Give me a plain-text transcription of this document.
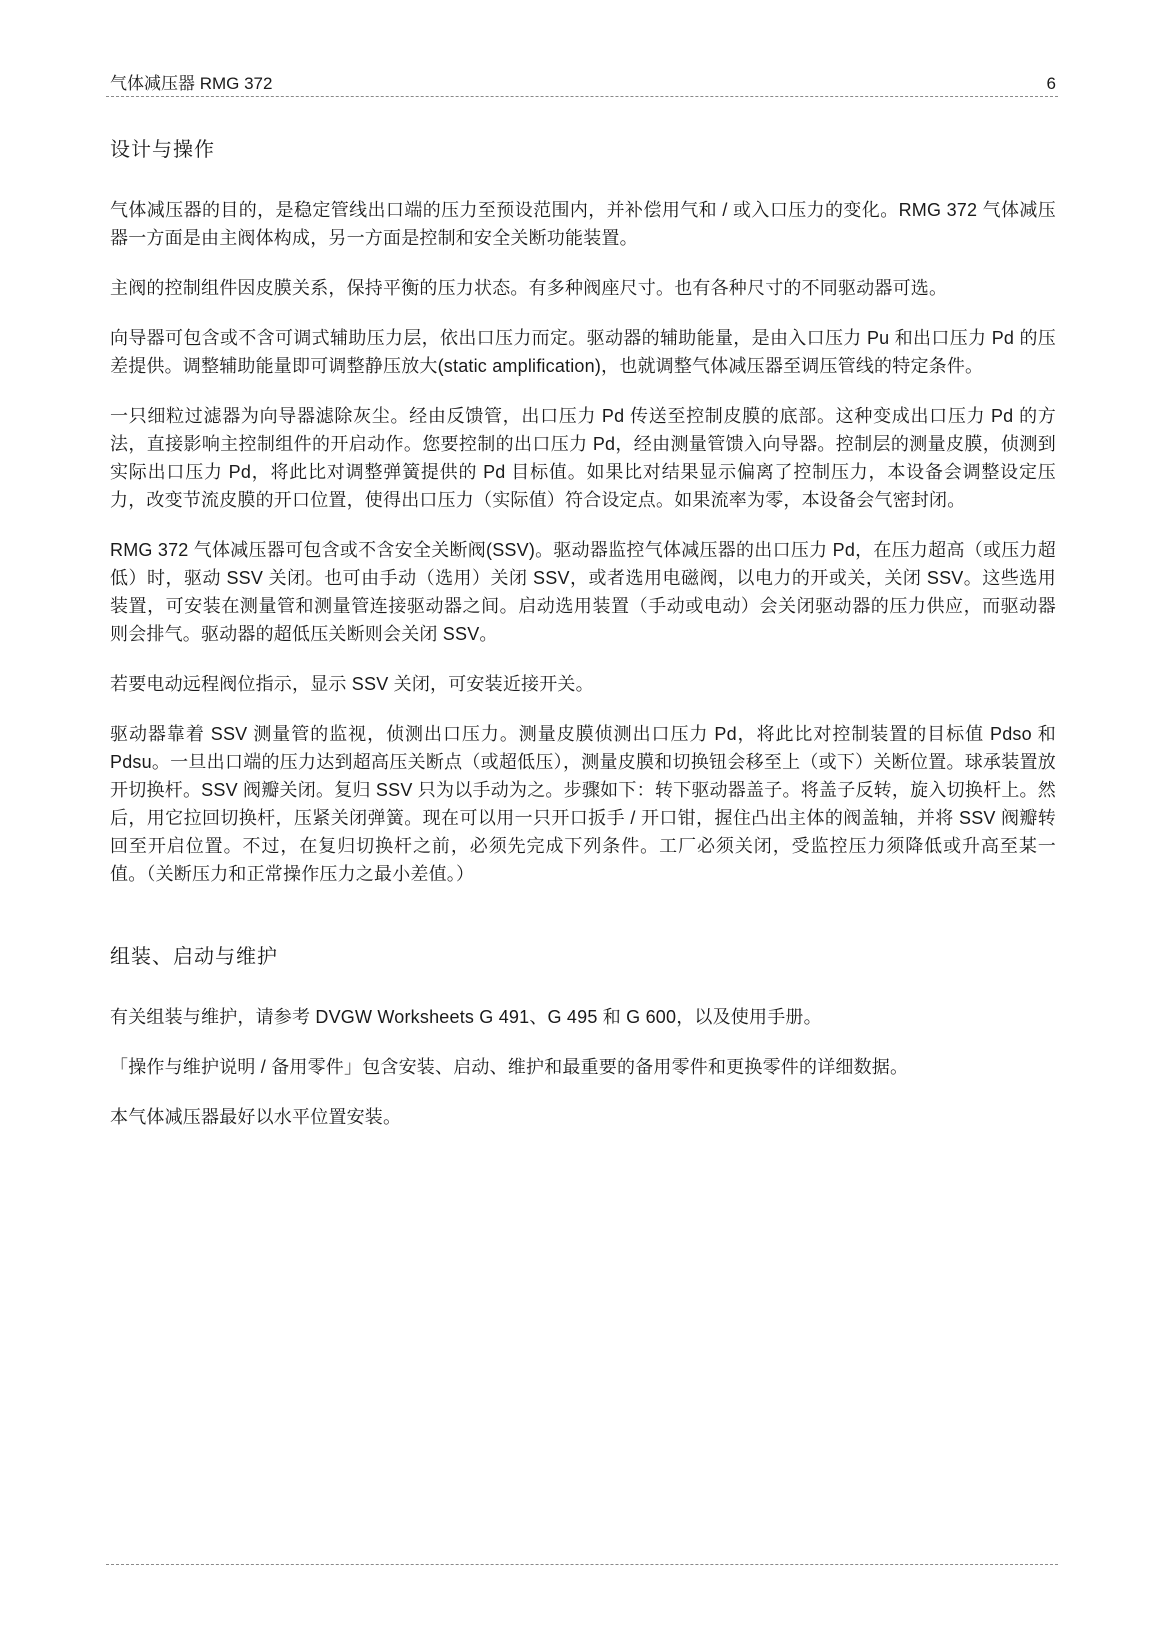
气体减压器 RMG 372	6
设计与操作

气体减压器的目的，是稳定管线出口端的压力至预设范围内，并补偿用气和 / 或入口压力的变化。RMG 372 气体减压器一方面是由主阀体构成，另一方面是控制和安全关断功能装置。

主阀的控制组件因皮膜关系，保持平衡的压力状态。有多种阀座尺寸。也有各种尺寸的不同驱动器可选。

向导器可包含或不含可调式辅助压力层，依出口压力而定。驱动器的辅助能量，是由入口压力 Pu 和出口压力 Pd 的压差提供。调整辅助能量即可调整静压放大(static amplification)，也就调整气体减压器至调压管线的特定条件。

一只细粒过滤器为向导器滤除灰尘。经由反馈管，出口压力 Pd 传送至控制皮膜的底部。这种变成出口压力 Pd 的方法，直接影响主控制组件的开启动作。您要控制的出口压力 Pd，经由测量管馈入向导器。控制层的测量皮膜，侦测到实际出口压力 Pd，将此比对调整弹簧提供的 Pd 目标值。如果比对结果显示偏离了控制压力，本设备会调整设定压力，改变节流皮膜的开口位置，使得出口压力（实际值）符合设定点。如果流率为零，本设备会气密封闭。

RMG 372 气体减压器可包含或不含安全关断阀(SSV)。驱动器监控气体减压器的出口压力 Pd，在压力超高（或压力超低）时，驱动 SSV 关闭。也可由手动（选用）关闭 SSV，或者选用电磁阀，以电力的开或关，关闭 SSV。这些选用装置，可安装在测量管和测量管连接驱动器之间。启动选用装置（手动或电动）会关闭驱动器的压力供应，而驱动器则会排气。驱动器的超低压关断则会关闭 SSV。

若要电动远程阀位指示，显示 SSV 关闭，可安装近接开关。

驱动器靠着 SSV 测量管的监视，侦测出口压力。测量皮膜侦测出口压力 Pd，将此比对控制装置的目标值 Pdso 和 Pdsu。一旦出口端的压力达到超高压关断点（或超低压），测量皮膜和切换钮会移至上（或下）关断位置。球承装置放开切换杆。SSV 阀瓣关闭。复归 SSV 只为以手动为之。步骤如下：转下驱动器盖子。将盖子反转，旋入切换杆上。然后，用它拉回切换杆，压紧关闭弹簧。现在可以用一只开口扳手 / 开口钳，握住凸出主体的阀盖轴，并将 SSV 阀瓣转回至开启位置。不过，在复归切换杆之前，必须先完成下列条件。工厂必须关闭，受监控压力须降低或升高至某一值。（关断压力和正常操作压力之最小差值。）

组装、启动与维护

有关组装与维护，请参考 DVGW Worksheets G 491、G 495 和 G 600，以及使用手册。

「操作与维护说明 / 备用零件」包含安装、启动、维护和最重要的备用零件和更换零件的详细数据。

本气体减压器最好以水平位置安装。
